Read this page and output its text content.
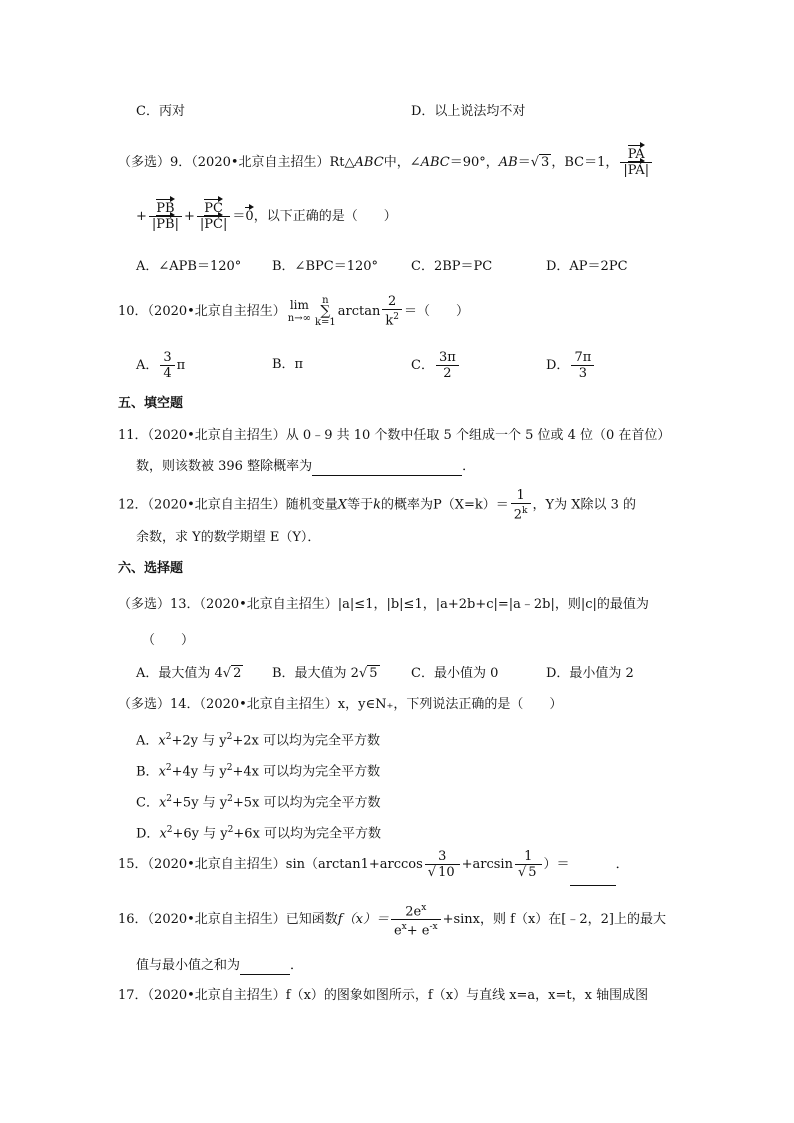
C．丙对	D．以上说法均不对
（多选）9．（2020•北京自主招生）Rt△ABC中，∠ABC＝90°，AB＝√ 3 ，BC＝1， $\frac{PA}{|PA|}$
+ $\frac{PB}{|PB|} + \frac{PC}{|PC|} =0$，以下正确的是（　　）
A．∠APB＝120° B．∠BPC＝120°	C．2BP＝PC	D．AP＝2PC
10．（2020•北京自主招生） lim
n→∞
n
∑
k=1
$\arctan \frac{2}{k^2}$ ＝（　　）
A． $\frac{3}{4}$ π	B．π	C． $\frac{3\pi}{2}$	D． $\frac{7\pi}{3}$
五、填空题
11．（2020•北京自主招生）从 0﹣9 共 10 个数中任取 5 个组成一个 5 位或 4 位（0 在首位）
数，则该数被 396 整除概率为	．
12．（2020•北京自主招生）随机变量X等于k的概率为$P(X=k)= \frac{1}{2^k}$ ，Y为 X除以 3 的
余数，求 Y的数学期望 E（Y）．
六、选择题
（多选）13．（2020•北京自主招生）|a|≤1，|b|≤1，|a+2b+c|=|a﹣2b|，则|c|的最值为
（　　）
A．最大值为 4√ 2 B．最大值为 2√ 5	C．最小值为 0	D．最小值为 2
（多选）14．（2020•北京自主招生）x，y∈N₊，下列说法正确的是（　　）
A．$x^2+2y$ 与 $y^2+2x$ 可以均为完全平方数
B．$x^2+4y$ 与 $y^2+4x$ 可以均为完全平方数
C．$x^2+5y$ 与 $y^2+5x$ 可以均为完全平方数
D．$x^2+6y$ 与 $y^2+6x$ 可以均为完全平方数
15．（2020•北京自主招生）$\sin(\arctan 1+\arccos \frac{3}{√ 10} +\arcsin \frac{1}{√ 5}$ ）＝	．
16．（2020•北京自主招生）已知函数$f(x)= \frac{2e^x}{e^x+ e^{-x}} +\sin x$，则 f（x）在[﹣2，2]上的最大
值与最小值之和为	．
17．（2020•北京自主招生）f（x）的图象如图所示，f（x）与直线 x=a，x=t，x 轴围成图
